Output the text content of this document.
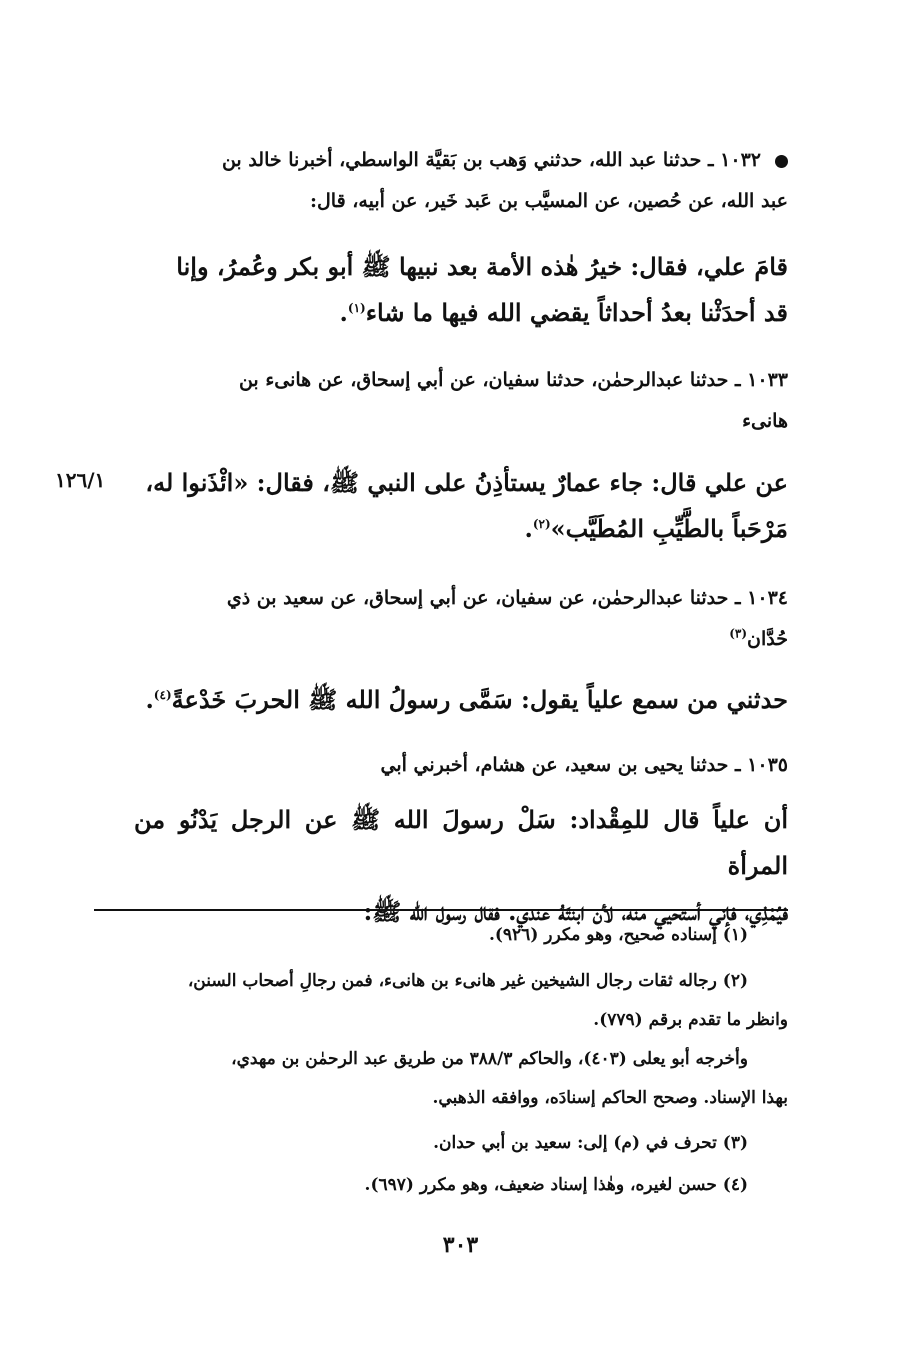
١٠٣٢ ـ حدثنا عبد الله، حدثني وَهب بن بَقيَّة الواسطي، أخبرنا خالد بن
عبد الله، عن حُصين، عن المسيَّب بن عَبد خَير، عن أبيه، قال:
قامَ علي، فقال: خيرُ هٰذه الأمة بعد نبيها ﷺ أبو بكر وعُمرُ، وإنا
قد أحدَثْنا بعدُ أحداثاً يقضي الله فيها ما شاء$^{(١)}$.
١٠٣٣ ـ حدثنا عبدالرحمٰن، حدثنا سفيان، عن أبي إسحاق، عن هانىء بن
هانىء
١٢٦/١	عن علي قال: جاء عمارٌ يستأذِنُ على النبي ﷺ، فقال: «ائْذَنوا له،
مَرْحَباً بالطَّيِّبِ المُطَيَّب»$^{(٢)}$.
١٠٣٤ ـ حدثنا عبدالرحمٰن، عن سفيان، عن أبي إسحاق، عن سعيد بن ذي
حُدَّان$^{(٣)}$
حدثني من سمع علياً يقول: سَمَّى رسولُ الله ﷺ الحربَ خَدْعةً$^{(٤)}$.
١٠٣٥ ـ حدثنا يحيى بن سعيد، عن هشام، أخبرني أبي
أن علياً قال للمِقْداد: سَلْ رسولَ الله ﷺ عن الرجل يَدْنُو من المرأة
فيُمْذِي، فإني أستحيي منه، لأن ابنتَهُ عندي. فقال رسول الله ﷺ:
(١) إسناده صحيح، وهو مكرر (٩٢٦).
(٢) رجاله ثقات رجال الشيخين غير هانىء بن هانىء، فمن رجالِ أصحاب السنن،
وانظر ما تقدم برقم (٧٧٩).
وأخرجه أبو يعلى (٤٠٣)، والحاكم ٣٨٨/٣ من طريق عبد الرحمٰن بن مهدي،
بهذا الإسناد. وصحح الحاكم إسنادَه، ووافقه الذهبي.
(٣) تحرف في (م) إلى: سعيد بن أبي حدان.
(٤) حسن لغيره، وهٰذا إسناد ضعيف، وهو مكرر (٦٩٧).
٣٠٣
